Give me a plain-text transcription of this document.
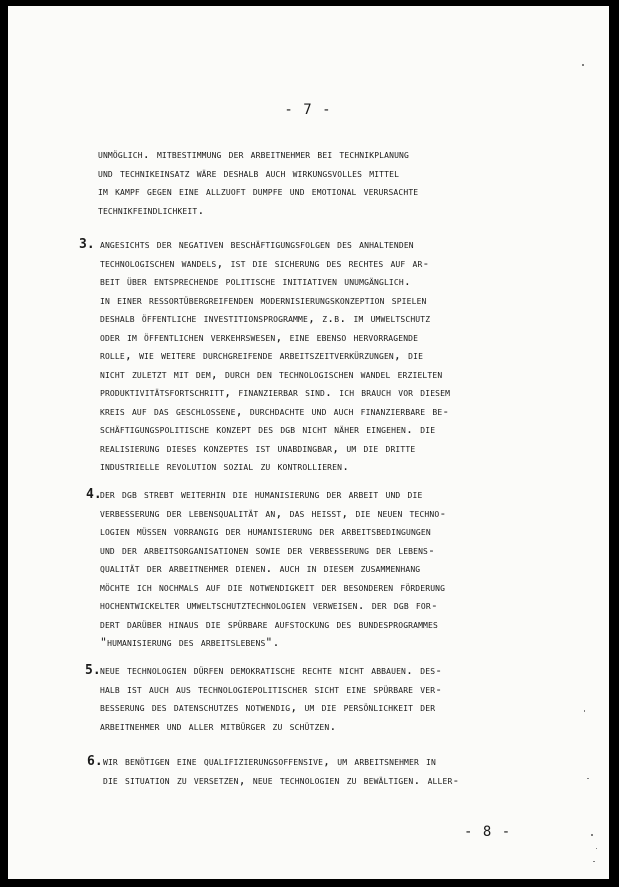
- 7 -
unmöglich. mitbestimmung der arbeitnehmer bei technikplanung
und technikeinsatz wäre deshalb auch wirkungsvolles mittel
im kampf gegen eine allzuoft dumpfe und emotional verursachte
technikfeindlichkeit.
3. angesichts der negativen beschäftigungsfolgen des anhaltenden
technologischen wandels, ist die sicherung des rechtes auf ar-
beit über entsprechende politische initiativen unumgänglich.
in einer ressortübergreifenden modernisierungskonzeption spielen
deshalb öffentliche investitionsprogramme, z.b. im umweltschutz
oder im öffentlichen verkehrswesen, eine ebenso hervorragende
rolle, wie weitere durchgreifende arbeitszeitverkürzungen, die
nicht zuletzt mit dem, durch den technologischen wandel erzielten
produktivitätsfortschritt, finanzierbar sind. ich brauch vor diesem
kreis auf das geschlossene, durchdachte und auch finanzierbare be-
schäftigungspolitische konzept des dgb nicht näher eingehen. die
realisierung dieses konzeptes ist unabdingbar, um die dritte
industrielle revolution sozial zu kontrollieren.
4.
der dgb strebt weiterhin die humanisierung der arbeit und die
verbesserung der lebensqualität an, das heißt, die neuen techno-
logien müssen vorrangig der humanisierung der arbeitsbedingungen
und der arbeitsorganisationen sowie der verbesserung der lebens-
qualität der arbeitnehmer dienen. auch in diesem zusammenhang
möchte ich nochmals auf die notwendigkeit der besonderen förderung
hochentwickelter umweltschutztechnologien verweisen. der dgb for-
dert darüber hinaus die spürbare aufstockung des bundesprogrammes
"humanisierung des arbeitslebens".
5. neue technologien dürfen demokratische rechte nicht abbauen. des-
halb ist auch aus technologiepolitischer sicht eine spürbare ver-
besserung des datenschutzes notwendig, um die persönlichkeit der
arbeitnehmer und aller mitbürger zu schützen.
6. wir benötigen eine qualifizierungsoffensive, um arbeitsnehmer in
die situation zu versetzen, neue technologien zu bewältigen. aller-
- 8 -
